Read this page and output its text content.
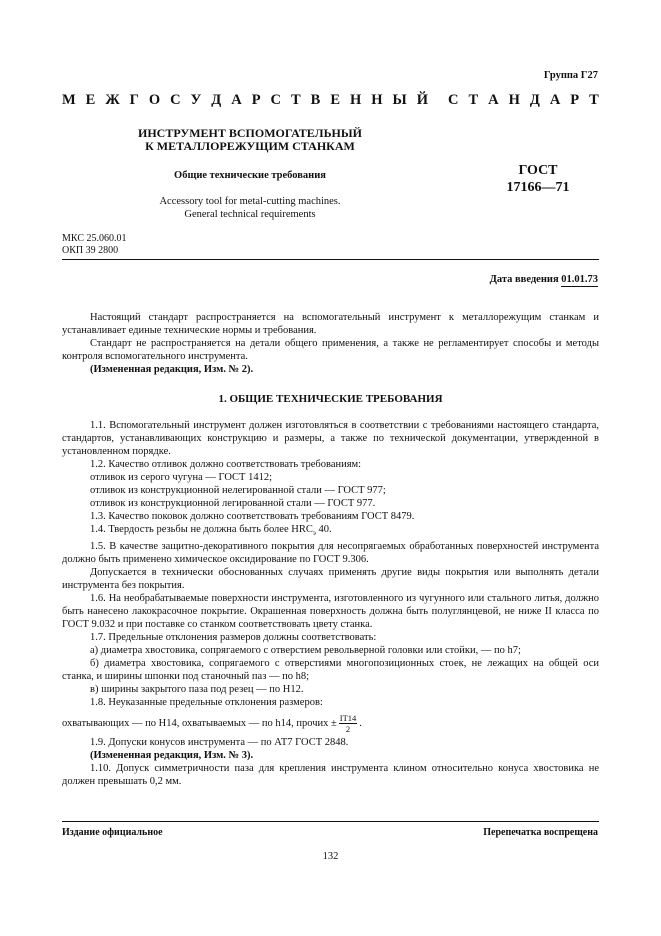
Группа Г27
М Е Ж Г О С У Д А Р С Т В Е Н Н Ы Й С Т А Н Д А Р Т
ИНСТРУМЕНТ ВСПОМОГАТЕЛЬНЫЙ
К МЕТАЛЛОРЕЖУЩИМ СТАНКАМ
Общие технические требования
Accessory tool for metal-cutting machines.
General technical requirements
ГОСТ
17166—71
МКС 25.060.01
ОКП 39 2800
Дата введения 01.01.73

Настоящий стандарт распространяется на вспомогательный инструмент к металлорежущим станкам и устанавливает единые технические нормы и требования.

Стандарт не распространяется на детали общего применения, а также не регламентирует способы и методы контроля вспомогательного инструмента.

(Измененная редакция, Изм. № 2).

1. ОБЩИЕ ТЕХНИЧЕСКИЕ ТРЕБОВАНИЯ

1.1. Вспомогательный инструмент должен изготовляться в соответствии с требованиями настоящего стандарта, стандартов, устанавливающих конструкцию и размеры, а также по технической документации, утвержденной в установленном порядке.

1.2. Качество отливок должно соответствовать требованиям:

отливок из серого чугуна — ГОСТ 1412;

отливок из конструкционной нелегированной стали — ГОСТ 977;

отливок из конструкционной легированной стали — ГОСТ 977.

1.3. Качество поковок должно соответствовать требованиям ГОСТ 8479.

1.4. Твердость резьбы не должна быть более $HRC_э$ 40.

1.5. В качестве защитно-декоративного покрытия для несопрягаемых обработанных поверхностей инструмента должно быть применено химическое оксидирование по ГОСТ 9.306.

Допускается в технически обоснованных случаях применять другие виды покрытия или выполнять детали инструмента без покрытия.

1.6. На необрабатываемые поверхности инструмента, изготовленного из чугунного или стального литья, должно быть нанесено лакокрасочное покрытие. Окрашенная поверхность должна быть полуглянцевой, не ниже II класса по ГОСТ 9.032 и при поставке со станком соответствовать цвету станка.

1.7. Предельные отклонения размеров должны соответствовать:

а) диаметра хвостовика, сопрягаемого с отверстием револьверной головки или стойки, — по h7;

б) диаметра хвостовика, сопрягаемого с отверстиями многопозиционных стоек, не лежащих на общей оси станка, и ширины шпонки под станочный паз — по h8;

в) ширины закрытого паза под резец — по Н12.

1.8. Неуказанные предельные отклонения размеров:

охватывающих — по Н14, охватываемых — по h14, прочих ± $\frac{IT14}{2}$ .

1.9. Допуски конусов инструмента — по АТ7 ГОСТ 2848.

(Измененная редакция, Изм. № 3).

1.10. Допуск симметричности паза для крепления инструмента клином относительно конуса хвостовика не должен превышать 0,2 мм.

Издание официальное	Перепечатка воспрещена
132
